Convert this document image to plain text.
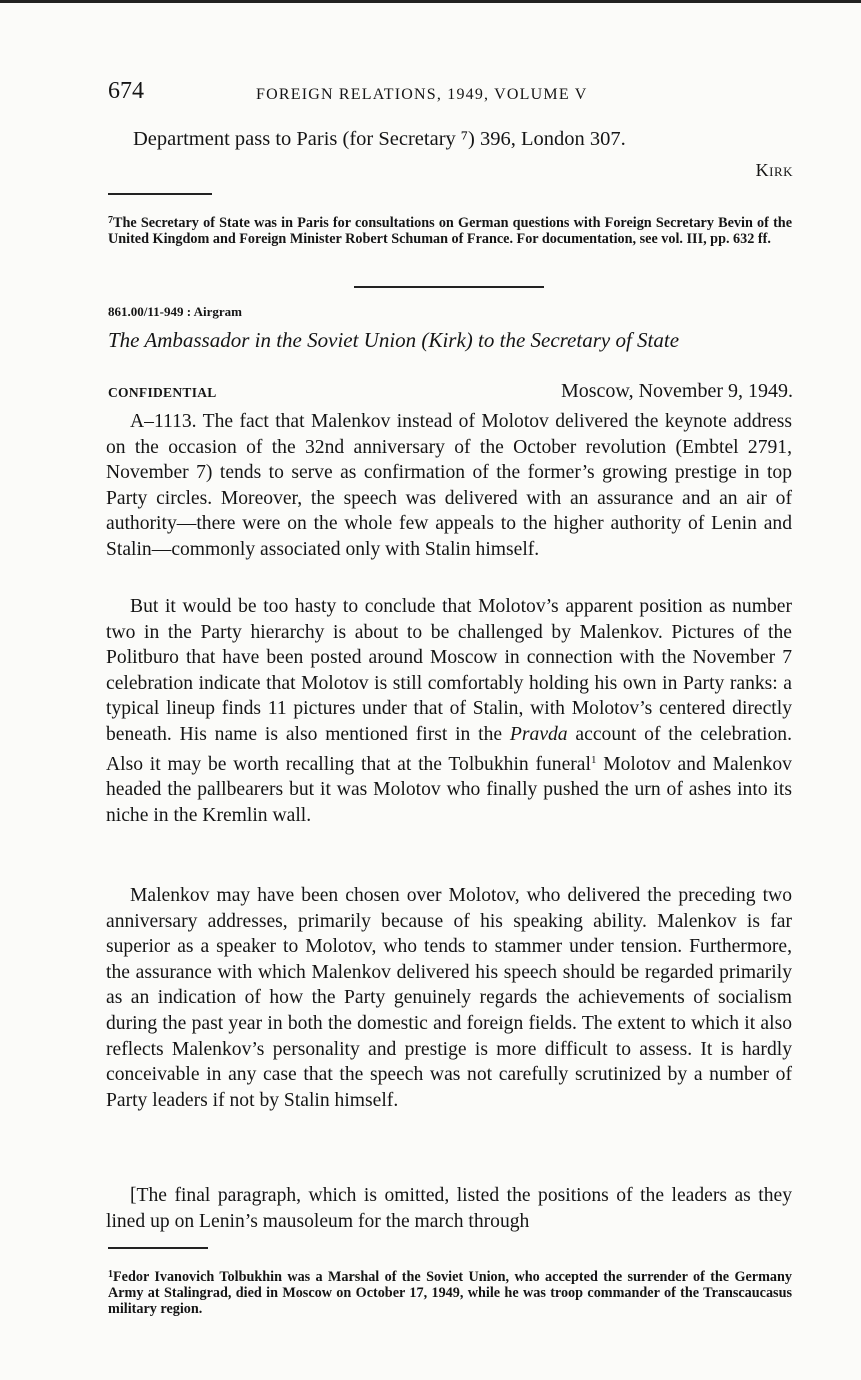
674	FOREIGN RELATIONS, 1949, VOLUME V
Department pass to Paris (for Secretary ⁷) 396, London 307.
Kirk

$^7$The Secretary of State was in Paris for consultations on German questions with Foreign Secretary Bevin of the United Kingdom and Foreign Minister Robert Schuman of France. For documentation, see vol. III, pp. 632 ff.

861.00/11-949 : Airgram
The Ambassador in the Soviet Union (Kirk) to the Secretary of State
CONFIDENTIAL	Moscow, November 9, 1949.

A–1113. The fact that Malenkov instead of Molotov delivered the keynote address on the occasion of the 32nd anniversary of the October revolution (Embtel 2791, November 7) tends to serve as confirmation of the former’s growing prestige in top Party circles. Moreover, the speech was delivered with an assurance and an air of authority—there were on the whole few appeals to the higher authority of Lenin and Stalin—commonly associated only with Stalin himself.

But it would be too hasty to conclude that Molotov’s apparent position as number two in the Party hierarchy is about to be challenged by Malenkov. Pictures of the Politburo that have been posted around Moscow in connection with the November 7 celebration indicate that Molotov is still comfortably holding his own in Party ranks: a typical lineup finds 11 pictures under that of Stalin, with Molotov’s centered directly beneath. His name is also mentioned first in the Pravda account of the celebration. Also it may be worth recalling that at the Tolbukhin funeral$^1$ Molotov and Malenkov headed the pallbearers but it was Molotov who finally pushed the urn of ashes into its niche in the Kremlin wall.

Malenkov may have been chosen over Molotov, who delivered the preceding two anniversary addresses, primarily because of his speaking ability. Malenkov is far superior as a speaker to Molotov, who tends to stammer under tension. Furthermore, the assurance with which Malenkov delivered his speech should be regarded primarily as an indication of how the Party genuinely regards the achievements of socialism during the past year in both the domestic and foreign fields. The extent to which it also reflects Malenkov’s personality and prestige is more difficult to assess. It is hardly conceivable in any case that the speech was not carefully scrutinized by a number of Party leaders if not by Stalin himself.

[The final paragraph, which is omitted, listed the positions of the leaders as they lined up on Lenin’s mausoleum for the march through

$^1$Fedor Ivanovich Tolbukhin was a Marshal of the Soviet Union, who accepted the surrender of the Germany Army at Stalingrad, died in Moscow on October 17, 1949, while he was troop commander of the Transcaucasus military region.
